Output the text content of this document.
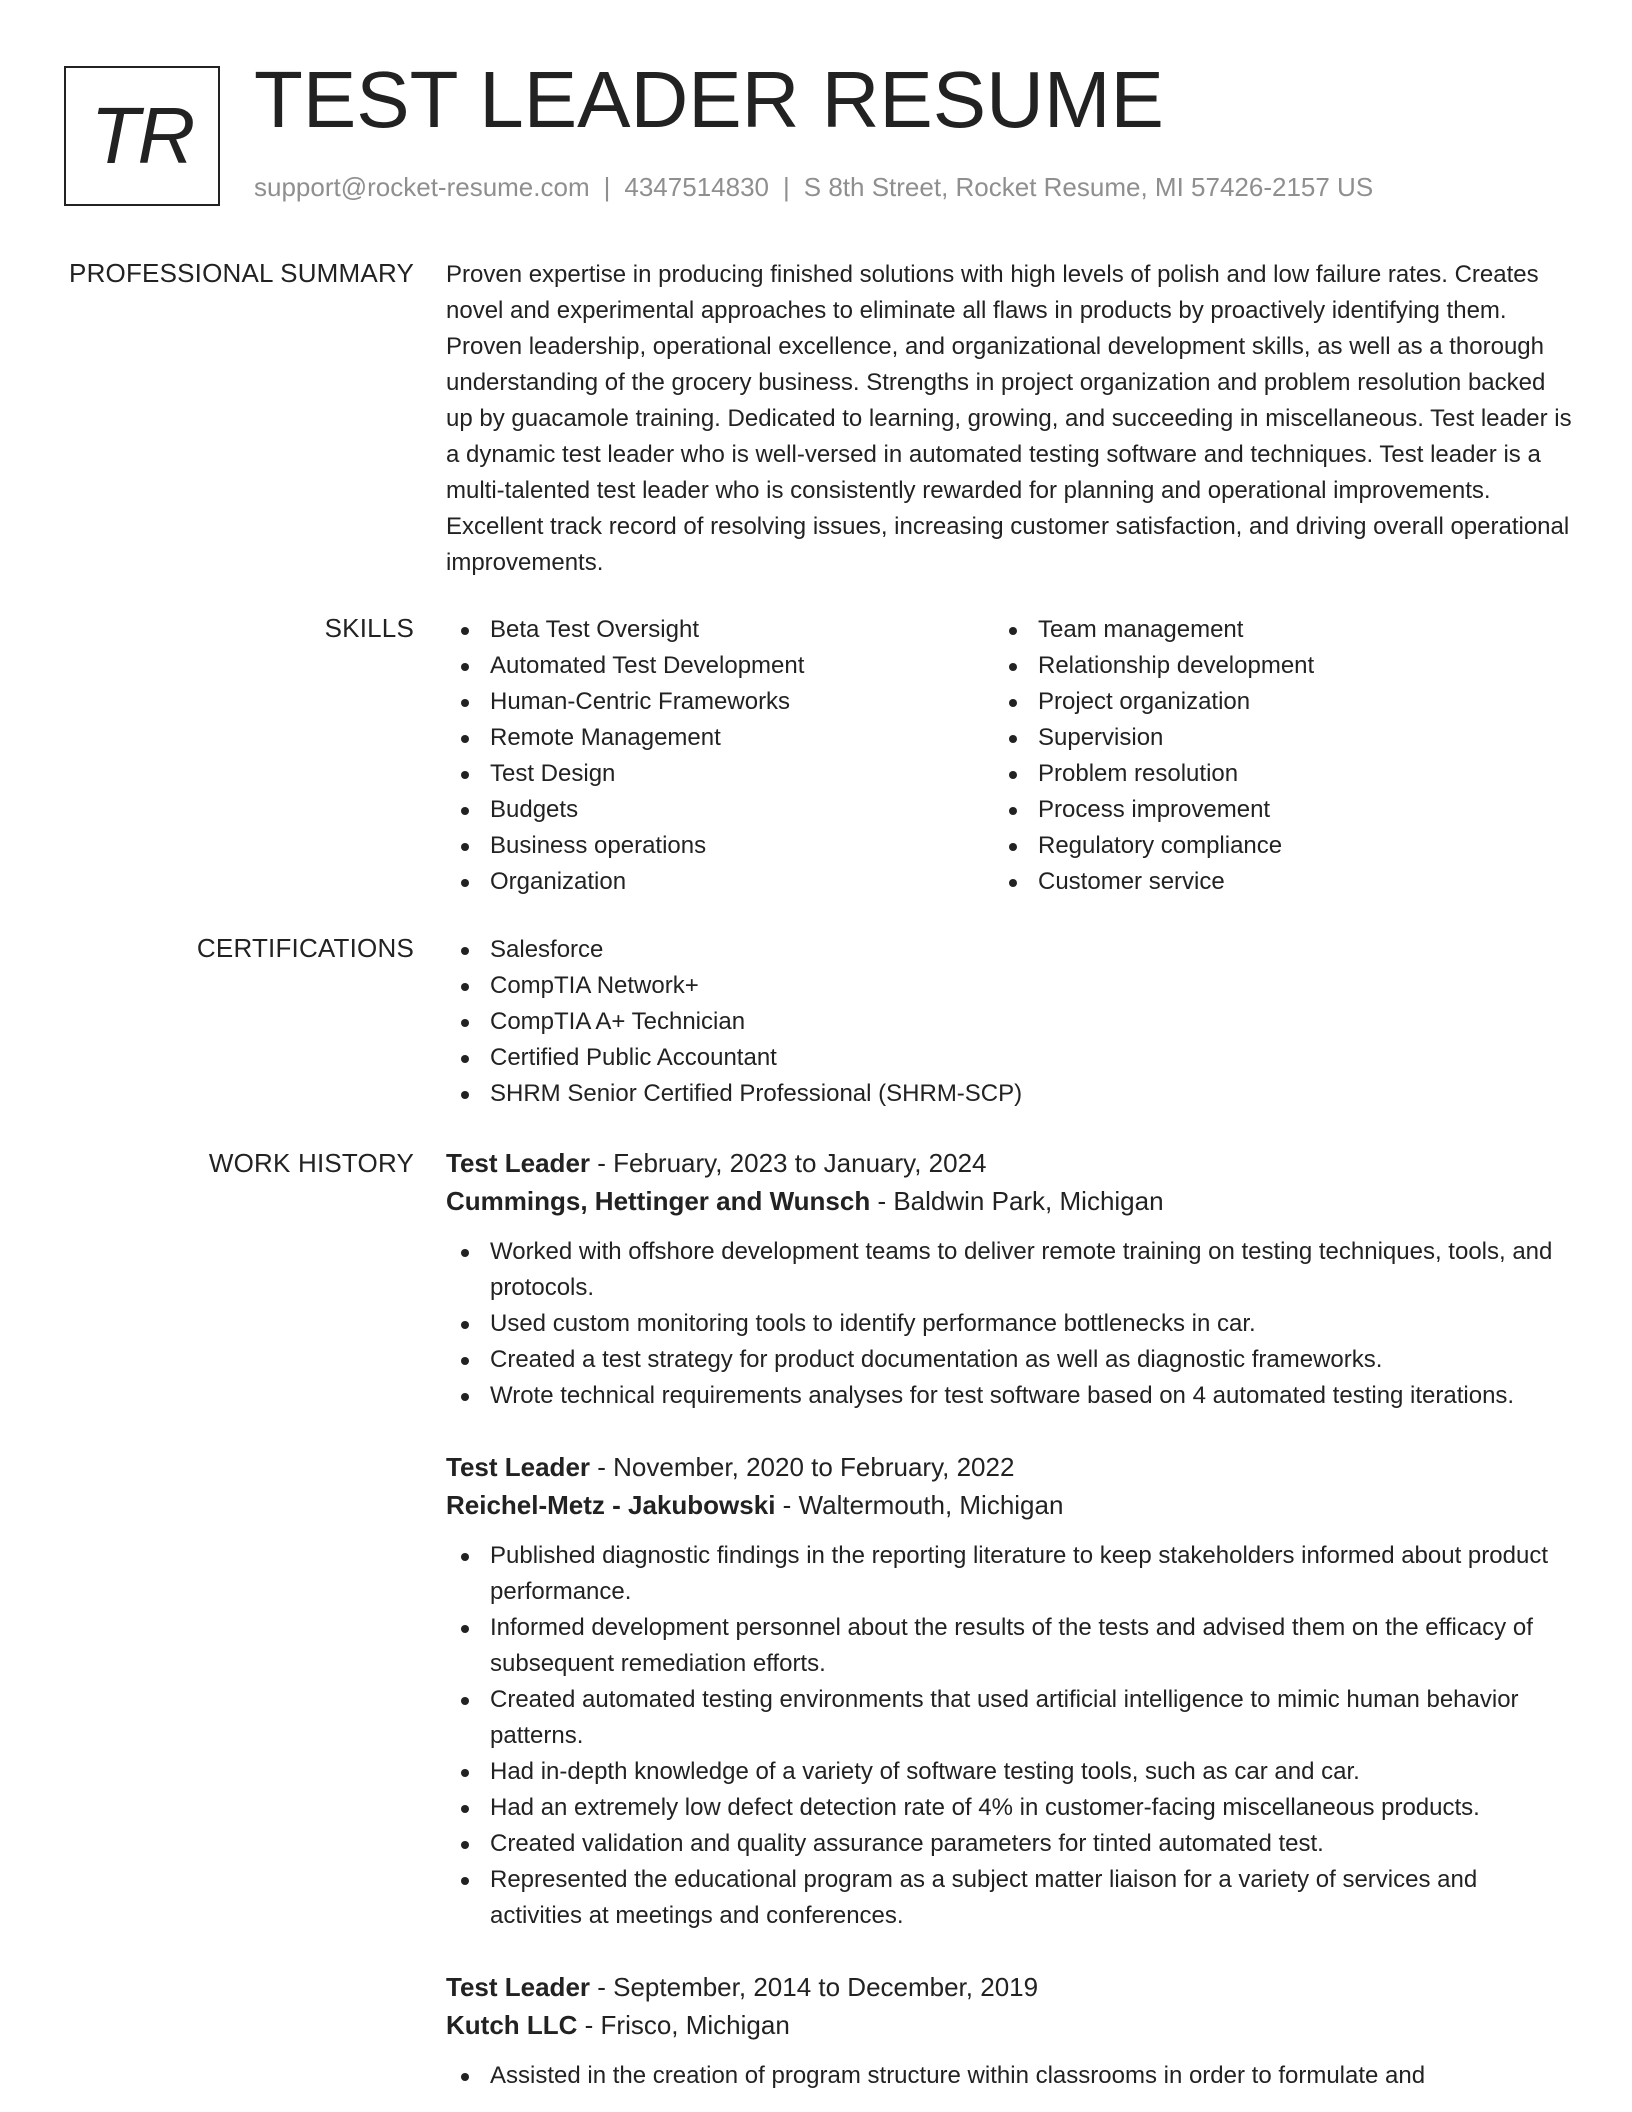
TR TEST LEADER RESUME
support@rocket-resume.com | 4347514830 | S 8th Street, Rocket Resume, MI 57426-2157 US
PROFESSIONAL SUMMARY Proven expertise in producing finished solutions with high levels of polish and low failure rates. Creates novel and experimental approaches to eliminate all flaws in products by proactively identifying them. Proven leadership, operational excellence, and organizational development skills, as well as a thorough understanding of the grocery business. Strengths in project organization and problem resolution backed up by guacamole training. Dedicated to learning, growing, and succeeding in miscellaneous. Test leader is a dynamic test leader who is well-versed in automated testing software and techniques. Test leader is a multi-talented test leader who is consistently rewarded for planning and operational improvements. Excellent track record of resolving issues, increasing customer satisfaction, and driving overall operational improvements.

SKILLS	Beta Test Oversight
Automated Test Development
Human-Centric Frameworks
Remote Management
Test Design
Budgets
Business operations
Organization
Team management
Relationship development
Project organization
Supervision
Problem resolution
Process improvement
Regulatory compliance
Customer service
CERTIFICATIONS	Salesforce
CompTIA Network+
CompTIA A+ Technician
Certified Public Accountant
SHRM Senior Certified Professional (SHRM-SCP)
WORK HISTORY Test Leader - February, 2023 to January, 2024
Cummings, Hettinger and Wunsch - Baldwin Park, Michigan
Worked with offshore development teams to deliver remote training on testing techniques, tools, and protocols.
Used custom monitoring tools to identify performance bottlenecks in car.
Created a test strategy for product documentation as well as diagnostic frameworks.
Wrote technical requirements analyses for test software based on 4 automated testing iterations.
Test Leader - November, 2020 to February, 2022
Reichel-Metz - Jakubowski - Waltermouth, Michigan
Published diagnostic findings in the reporting literature to keep stakeholders informed about product performance.
Informed development personnel about the results of the tests and advised them on the efficacy of subsequent remediation efforts.
Created automated testing environments that used artificial intelligence to mimic human behavior patterns.
Had in-depth knowledge of a variety of software testing tools, such as car and car.
Had an extremely low defect detection rate of 4% in customer-facing miscellaneous products.
Created validation and quality assurance parameters for tinted automated test.
Represented the educational program as a subject matter liaison for a variety of services and activities at meetings and conferences.
Test Leader - September, 2014 to December, 2019
Kutch LLC - Frisco, Michigan
Assisted in the creation of program structure within classrooms in order to formulate and
